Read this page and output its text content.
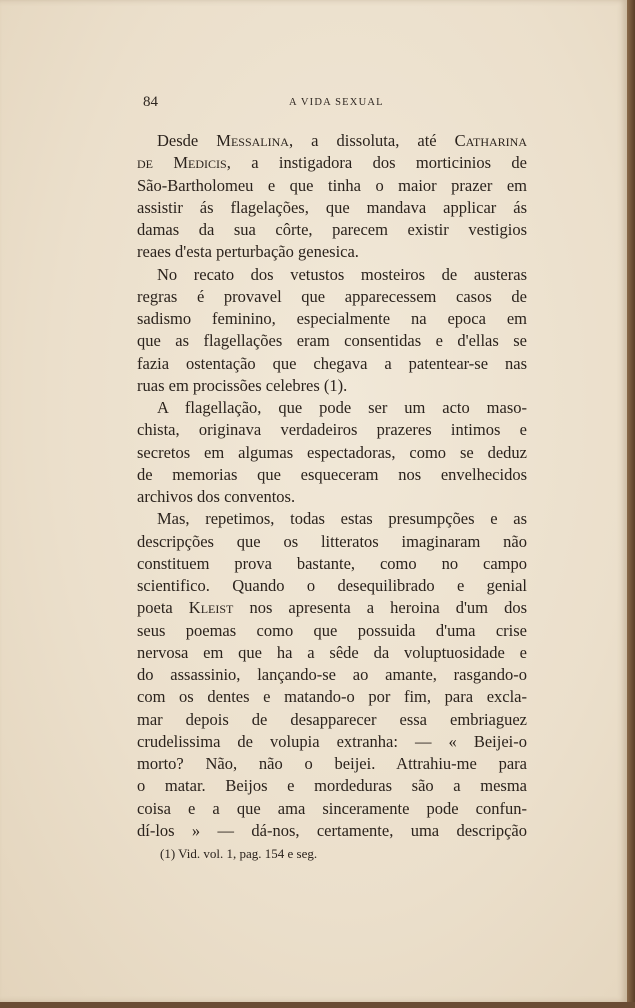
84	A VIDA SEXUAL
Desde Messalina, a dissoluta, até Catharina
de Medicis, a instigadora dos morticinios de
São-Bartholomeu e que tinha o maior prazer em
assistir ás flagelações, que mandava applicar ás
damas da sua côrte, parecem existir vestigios
reaes d'esta perturbação genesica.
No recato dos vetustos mosteiros de austeras
regras é provavel que apparecessem casos de
sadismo feminino, especialmente na epoca em
que as flagellações eram consentidas e d'ellas se
fazia ostentação que chegava a patentear-se nas
ruas em procissões celebres (1).
A flagellação, que pode ser um acto maso-
chista, originava verdadeiros prazeres intimos e
secretos em algumas espectadoras, como se deduz
de memorias que esqueceram nos envelhecidos
archivos dos conventos.
Mas, repetimos, todas estas presumpções e as
descripções que os litteratos imaginaram não
constituem prova bastante, como no campo
scientifico. Quando o desequilibrado e genial
poeta Kleist nos apresenta a heroina d'um dos
seus poemas como que possuida d'uma crise
nervosa em que ha a sêde da voluptuosidade e
do assassinio, lançando-se ao amante, rasgando-o
com os dentes e matando-o por fim, para excla-
mar depois de desapparecer essa embriaguez
crudelissima de volupia extranha: — « Beijei-o
morto? Não, não o beijei. Attrahiu-me para
o matar. Beijos e mordeduras são a mesma
coisa e a que ama sinceramente pode confun-
dí-los » — dá-nos, certamente, uma descripção
(1) Vid. vol. 1, pag. 154 e seg.
